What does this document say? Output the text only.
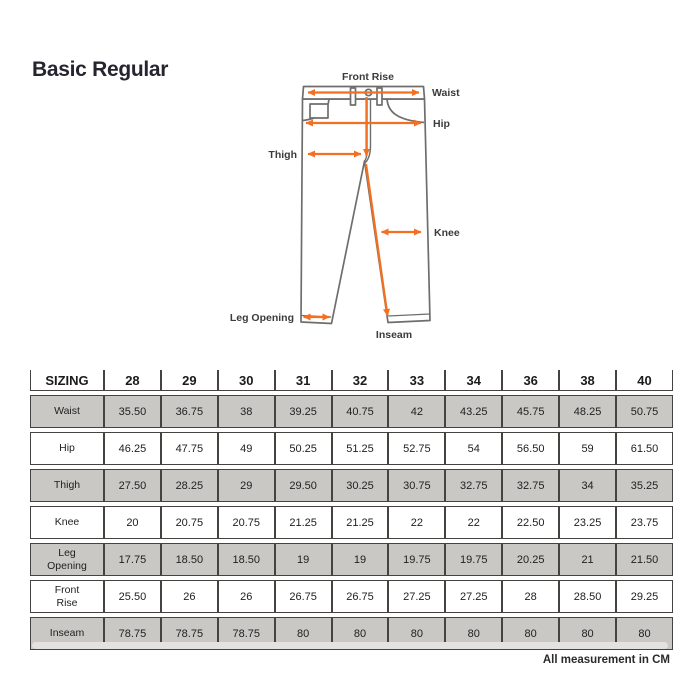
Basic Regular	Front Rise
Waist
Hip
Thigh
Knee
Leg Opening
Inseam
SIZING	28	29	30	31	32	33	34	36	38	40
Waist	35.50	36.75	38	39.25	40.75	42	43.25	45.75	48.25	50.75
Hip	46.25	47.75	49	50.25	51.25	52.75	54	56.50	59	61.50
Thigh	27.50	28.25	29	29.50	30.25	30.75	32.75	32.75	34	35.25
Knee	20	20.75	20.75	21.25	21.25	22	22	22.50	23.25	23.75
Leg Opening	17.75	18.50	18.50	19	19	19.75	19.75	20.25	21	21.50
Front Rise	25.50	26	26	26.75	26.75	27.25	27.25	28	28.50	29.25
Inseam	78.75	78.75	78.75	80	80	80	80	80	80	80
All measurement in CM
